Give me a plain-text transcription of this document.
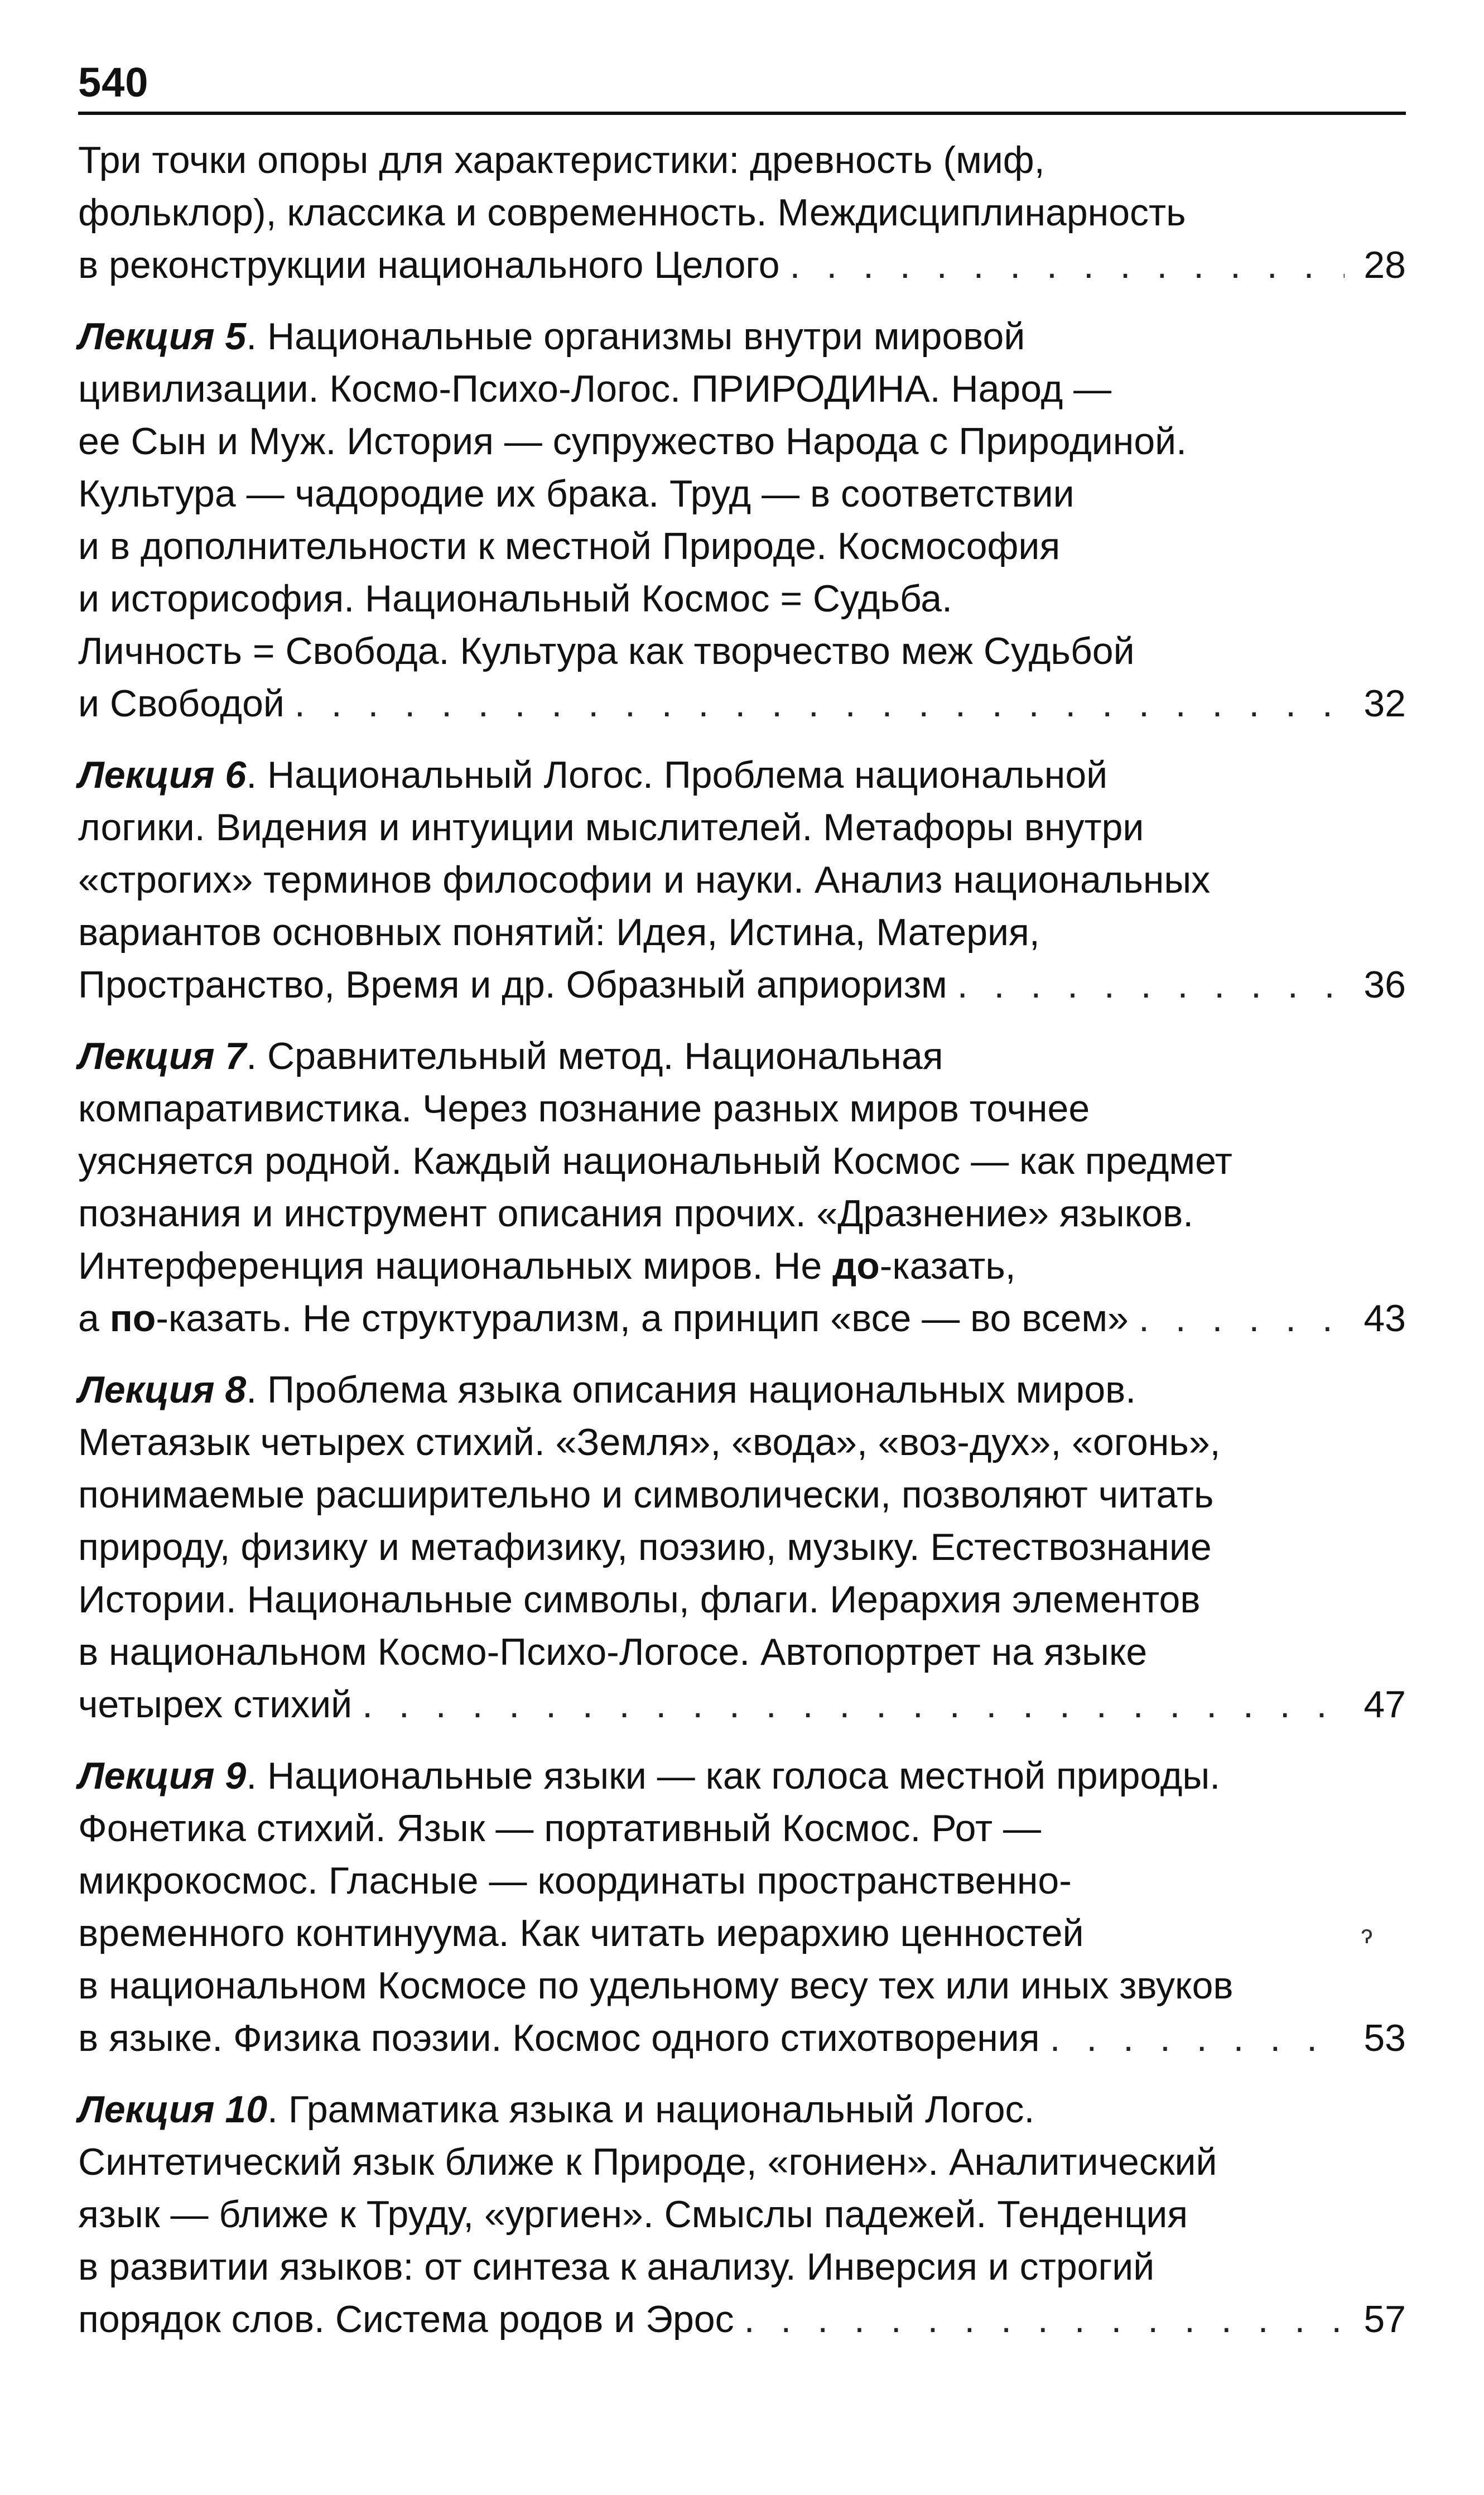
540
Три точки опоры для характеристики: древность (миф,
фольклор), классика и современность. Междисциплинарность
в реконструкции национального Целого . . .	28
Лекция 5. Национальные организмы внутри мировой
цивилизации. Космо-Психо-Логос. ПРИРОДИНА. Народ —
ее Сын и Муж. История — супружество Народа с Природиной.
Культура — чадородие их брака. Труд — в соответствии
и в дополнительности к местной Природе. Космософия
и историсофия. Национальный Космос = Судьба.
Личность = Свобода. Культура как творчество меж Судьбой
и Свободой . . .	32
Лекция 6. Национальный Логос. Проблема национальной
логики. Видения и интуиции мыслителей. Метафоры внутри
«строгих» терминов философии и науки. Анализ национальных
вариантов основных понятий: Идея, Истина, Материя,
Пространство, Время и др. Образный априоризм . . .	36
Лекция 7. Сравнительный метод. Национальная
компаративистика. Через познание разных миров точнее
уясняется родной. Каждый национальный Космос — как предмет
познания и инструмент описания прочих. «Дразнение» языков.
Интерференция национальных миров. Не до-казать,
а по-казать. Не структурализм, а принцип «все — во всем» . . .	43
Лекция 8. Проблема языка описания национальных миров.
Метаязык четырех стихий. «Земля», «вода», «воз-дух», «огонь»,
понимаемые расширительно и символически, позволяют читать
природу, физику и метафизику, поэзию, музыку. Естествознание
Истории. Национальные символы, флаги. Иерархия элементов
в национальном Космо-Психо-Логосе. Автопортрет на языке
четырех стихий . . .	47
Лекция 9. Национальные языки — как голоса местной природы.
Фонетика стихий. Язык — портативный Космос. Рот —
микрокосмос. Гласные — координаты пространственно-
временного континуума. Как читать иерархию ценностей
в национальном Космосе по удельному весу тех или иных звуков
в языке. Физика поэзии. Космос одного стихотворения . . .	53
Лекция 10. Грамматика языка и национальный Логос.
Синтетический язык ближе к Природе, «гониен». Аналитический
язык — ближе к Труду, «ургиен». Смыслы падежей. Тенденция
в развитии языков: от синтеза к анализу. Инверсия и строгий
порядок слов. Система родов и Эрос . . .	57
ɂ
